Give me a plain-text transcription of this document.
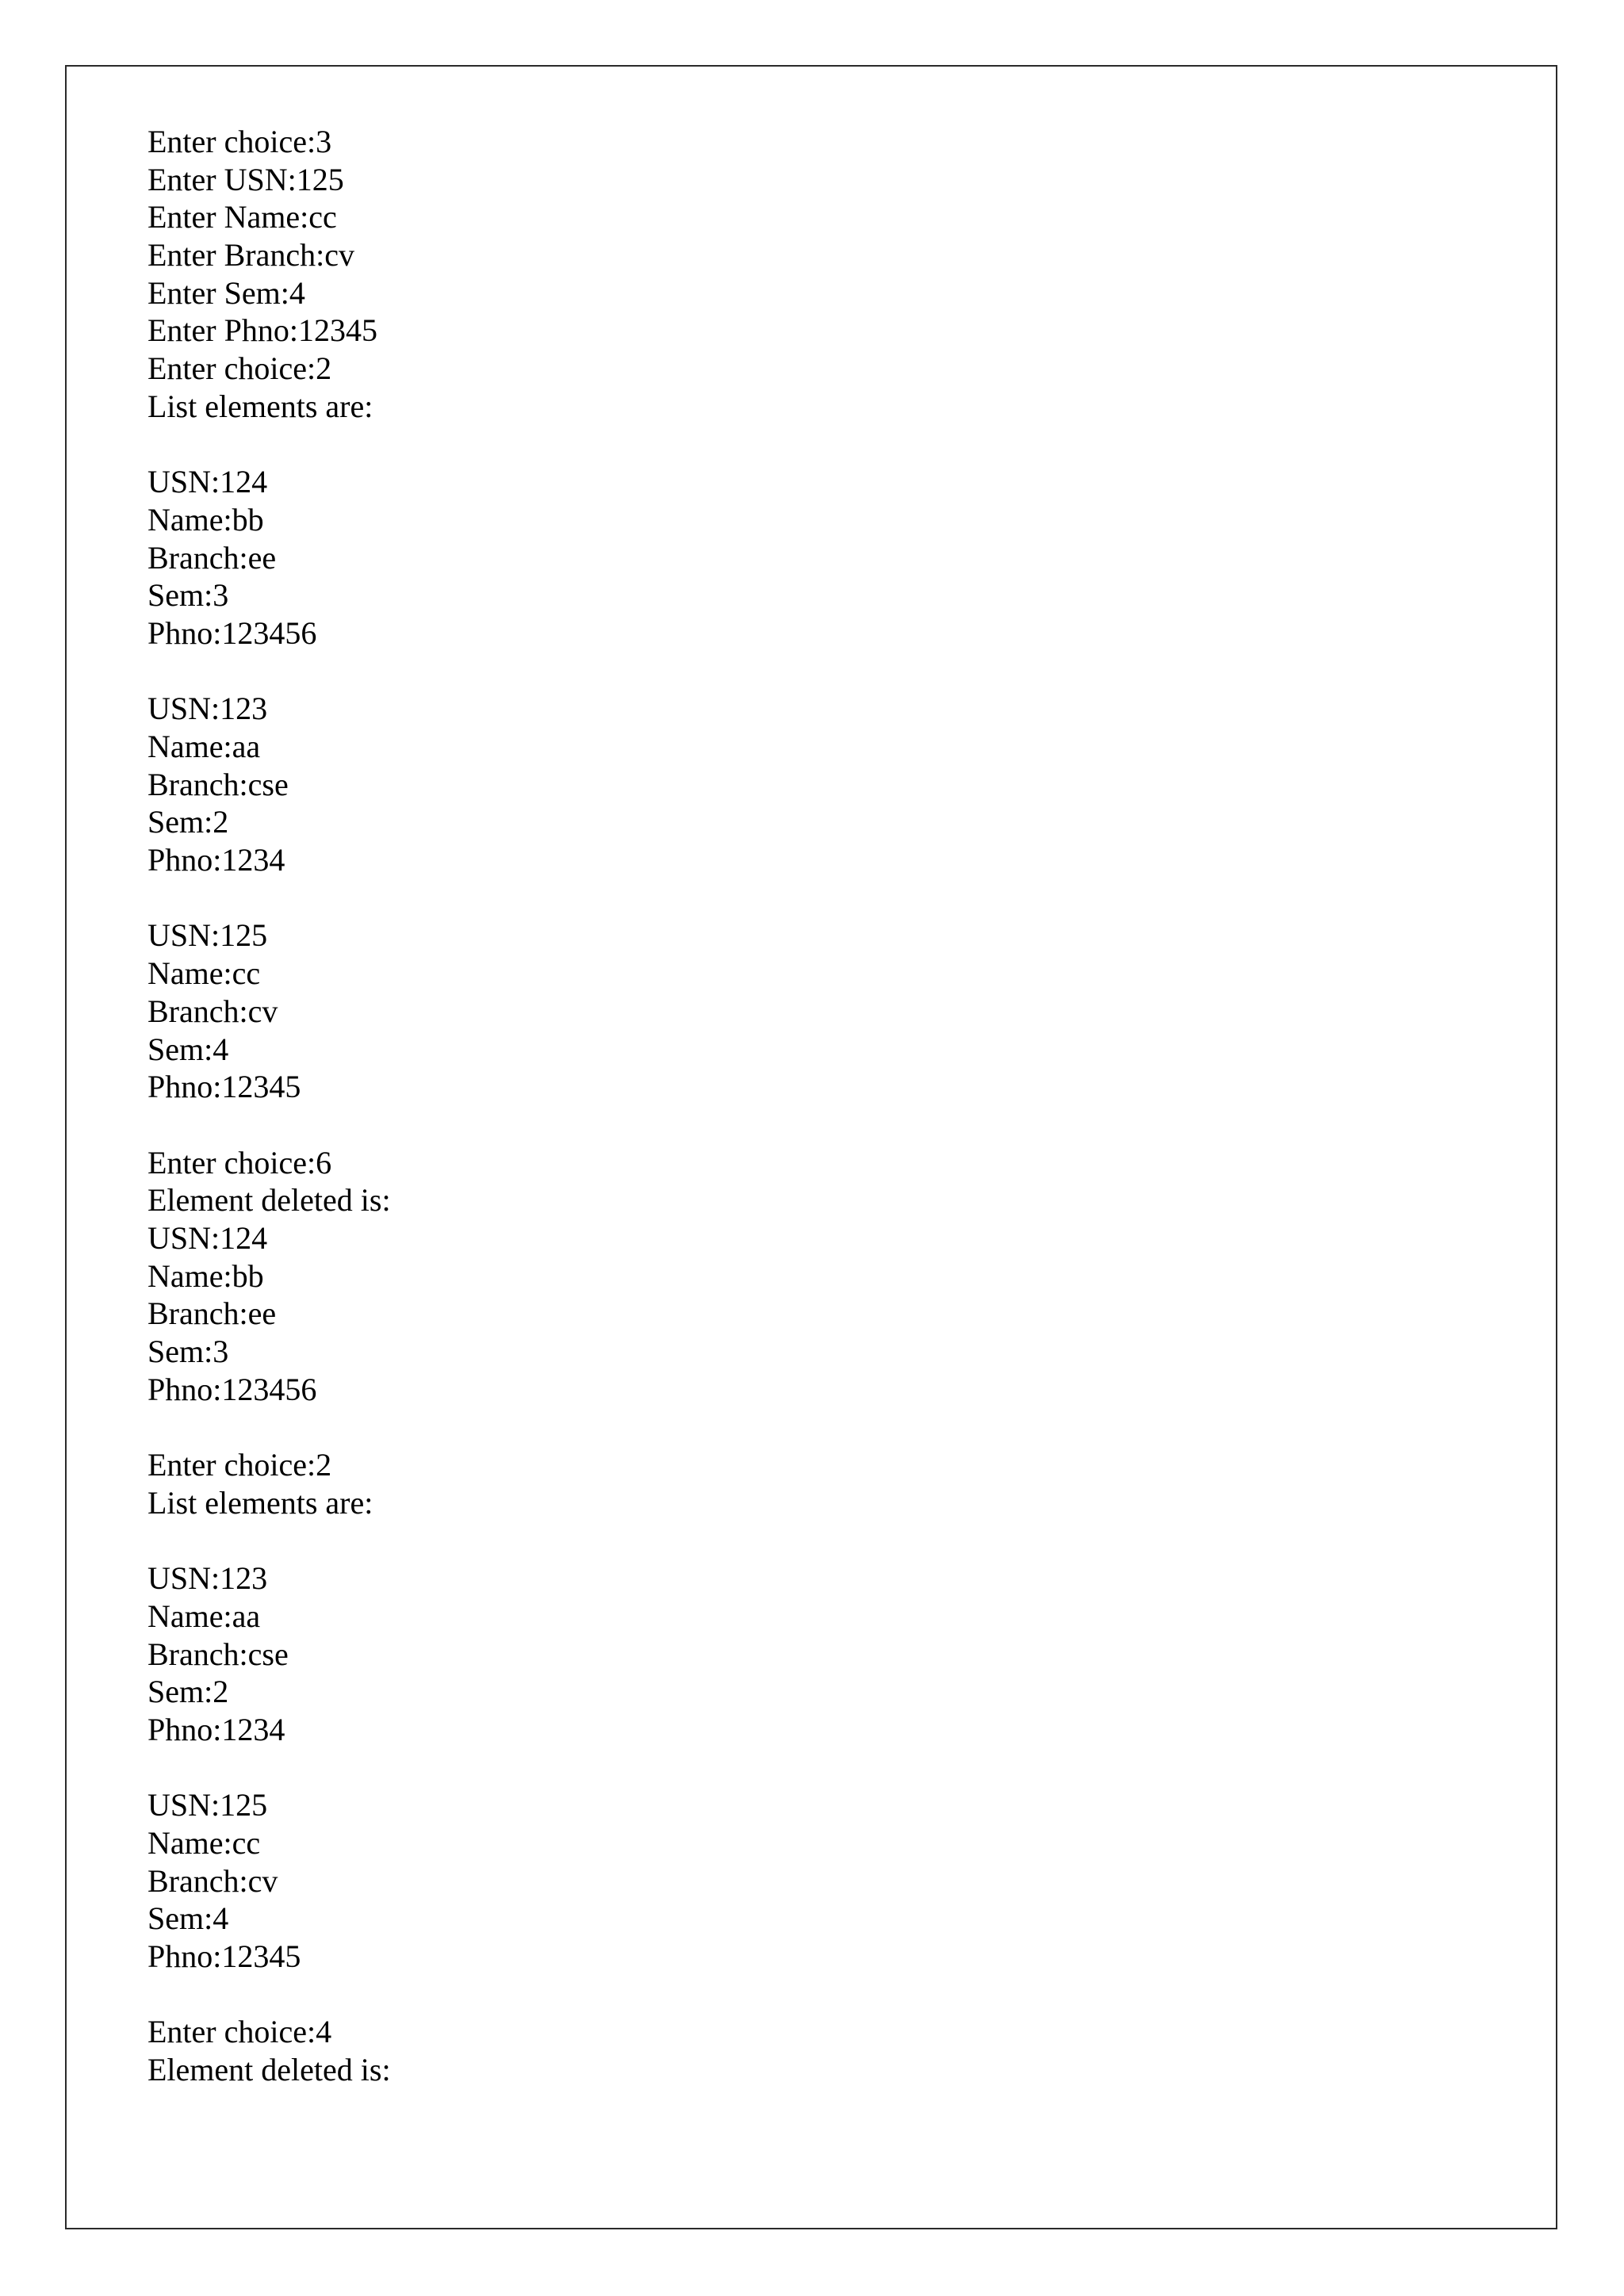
Enter choice:3
Enter USN:125
Enter Name:cc
Enter Branch:cv
Enter Sem:4
Enter Phno:12345
Enter choice:2
List elements are:
USN:124
Name:bb
Branch:ee
Sem:3
Phno:123456
USN:123
Name:aa
Branch:cse
Sem:2
Phno:1234
USN:125
Name:cc
Branch:cv
Sem:4
Phno:12345
Enter choice:6
Element deleted is:
USN:124
Name:bb
Branch:ee
Sem:3
Phno:123456
Enter choice:2
List elements are:
USN:123
Name:aa
Branch:cse
Sem:2
Phno:1234
USN:125
Name:cc
Branch:cv
Sem:4
Phno:12345
Enter choice:4
Element deleted is:
